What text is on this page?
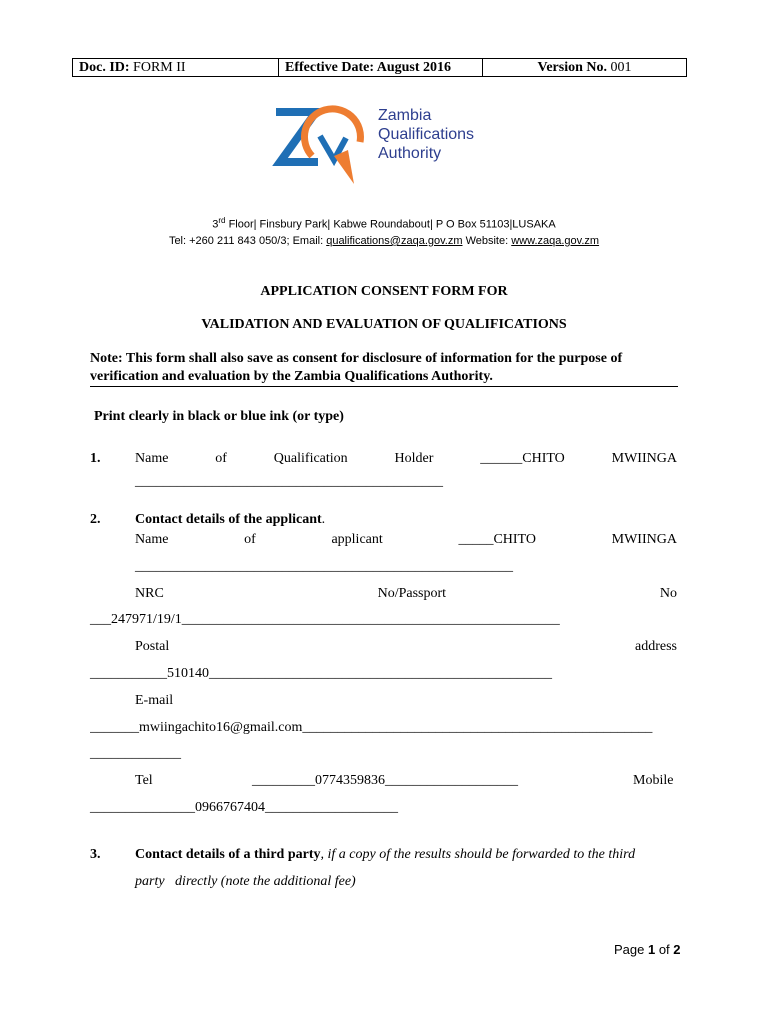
Doc. ID: FORM II	Effective Date: August 2016	Version No. 001
Zambia
Qualifications
Authority
3rd Floor| Finsbury Park| Kabwe Roundabout| P O Box 51103|LUSAKA
Tel: +260 211 843 050/3; Email: qualifications@zaqa.gov.zm Website: www.zaqa.gov.zm
APPLICATION CONSENT FORM FOR
VALIDATION AND EVALUATION OF QUALIFICATIONS
Note: This form shall also save as consent for disclosure of information for the purpose of
verification and evaluation by the Zambia Qualifications Authority.
Print clearly in black or blue ink (or type)
1. Name	of	Qualification	Holder	______CHITO	MWIINGA
____________________________________________
2. Contact details of the applicant.
Name	of	applicant	_____CHITO	MWIINGA
______________________________________________________
NRC	No/Passport	No
___247971/19/1______________________________________________________
Postal	address
___________510140_________________________________________________
E-mail
_______mwiingachito16@gmail.com__________________________________________________
_____________
Tel	_________0774359836___________________	Mobile
_______________0966767404___________________
3. Contact details of a third party, if a copy of the results should be forwarded to the third
party   directly (note the additional fee)
Page 1 of 2
